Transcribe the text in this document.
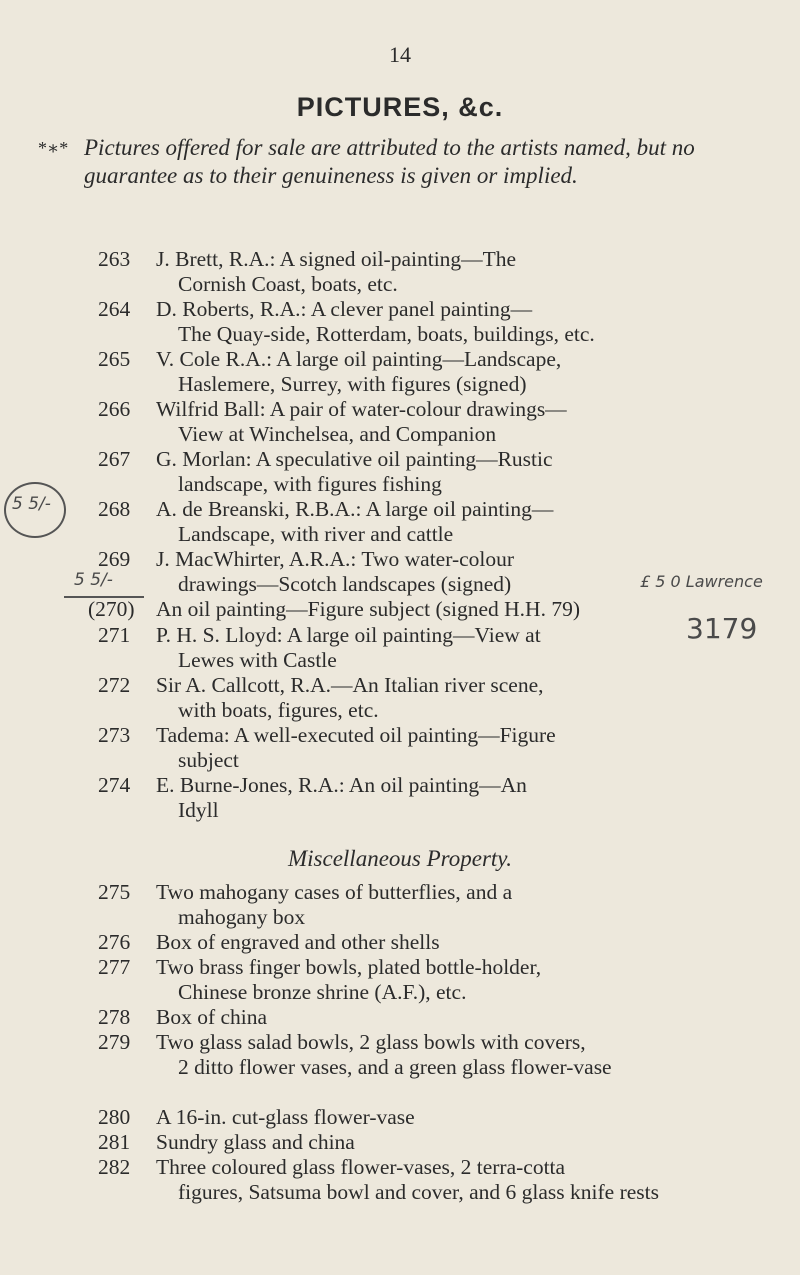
14
PICTURES, &c.
*∗* Pictures offered for sale are attributed to the artists named, but no guarantee as to their genuineness is given or implied.
263	J. Brett, R.A.: A signed oil-painting—The
Cornish Coast, boats, etc.
264	D. Roberts, R.A.: A clever panel painting—
The Quay-side, Rotterdam, boats, buildings, etc.
265	V. Cole R.A.: A large oil painting—Landscape,
Haslemere, Surrey, with figures (signed)
266	Wilfrid Ball: A pair of water-colour drawings—
View at Winchelsea, and Companion
267	G. Morlan: A speculative oil painting—Rustic
landscape, with figures fishing
268	A. de Breanski, R.B.A.: A large oil painting—
Landscape, with river and cattle
269	J. MacWhirter, A.R.A.: Two water-colour
drawings—Scotch landscapes (signed)
(270) An oil painting—Figure subject (signed H.H. 79)
271	P. H. S. Lloyd: A large oil painting—View at
Lewes with Castle
272	Sir A. Callcott, R.A.—An Italian river scene,
with boats, figures, etc.
273	Tadema: A well-executed oil painting—Figure
subject
274	E. Burne-Jones, R.A.: An oil painting—An
Idyll
Miscellaneous Property.
275	Two mahogany cases of butterflies, and a
mahogany box
276	Box of engraved and other shells
277	Two brass finger bowls, plated bottle-holder,
Chinese bronze shrine (A.F.), etc.
278	Box of china
279	Two glass salad bowls, 2 glass bowls with covers,
2 ditto flower vases, and a green glass flower-vase
280	A 16-in. cut-glass flower-vase
281	Sundry glass and china
282	Three coloured glass flower-vases, 2 terra-cotta
figures, Satsuma bowl and cover, and 6 glass knife rests
5 5/-
5 5/-	£ 5 0 Lawrence
3179
